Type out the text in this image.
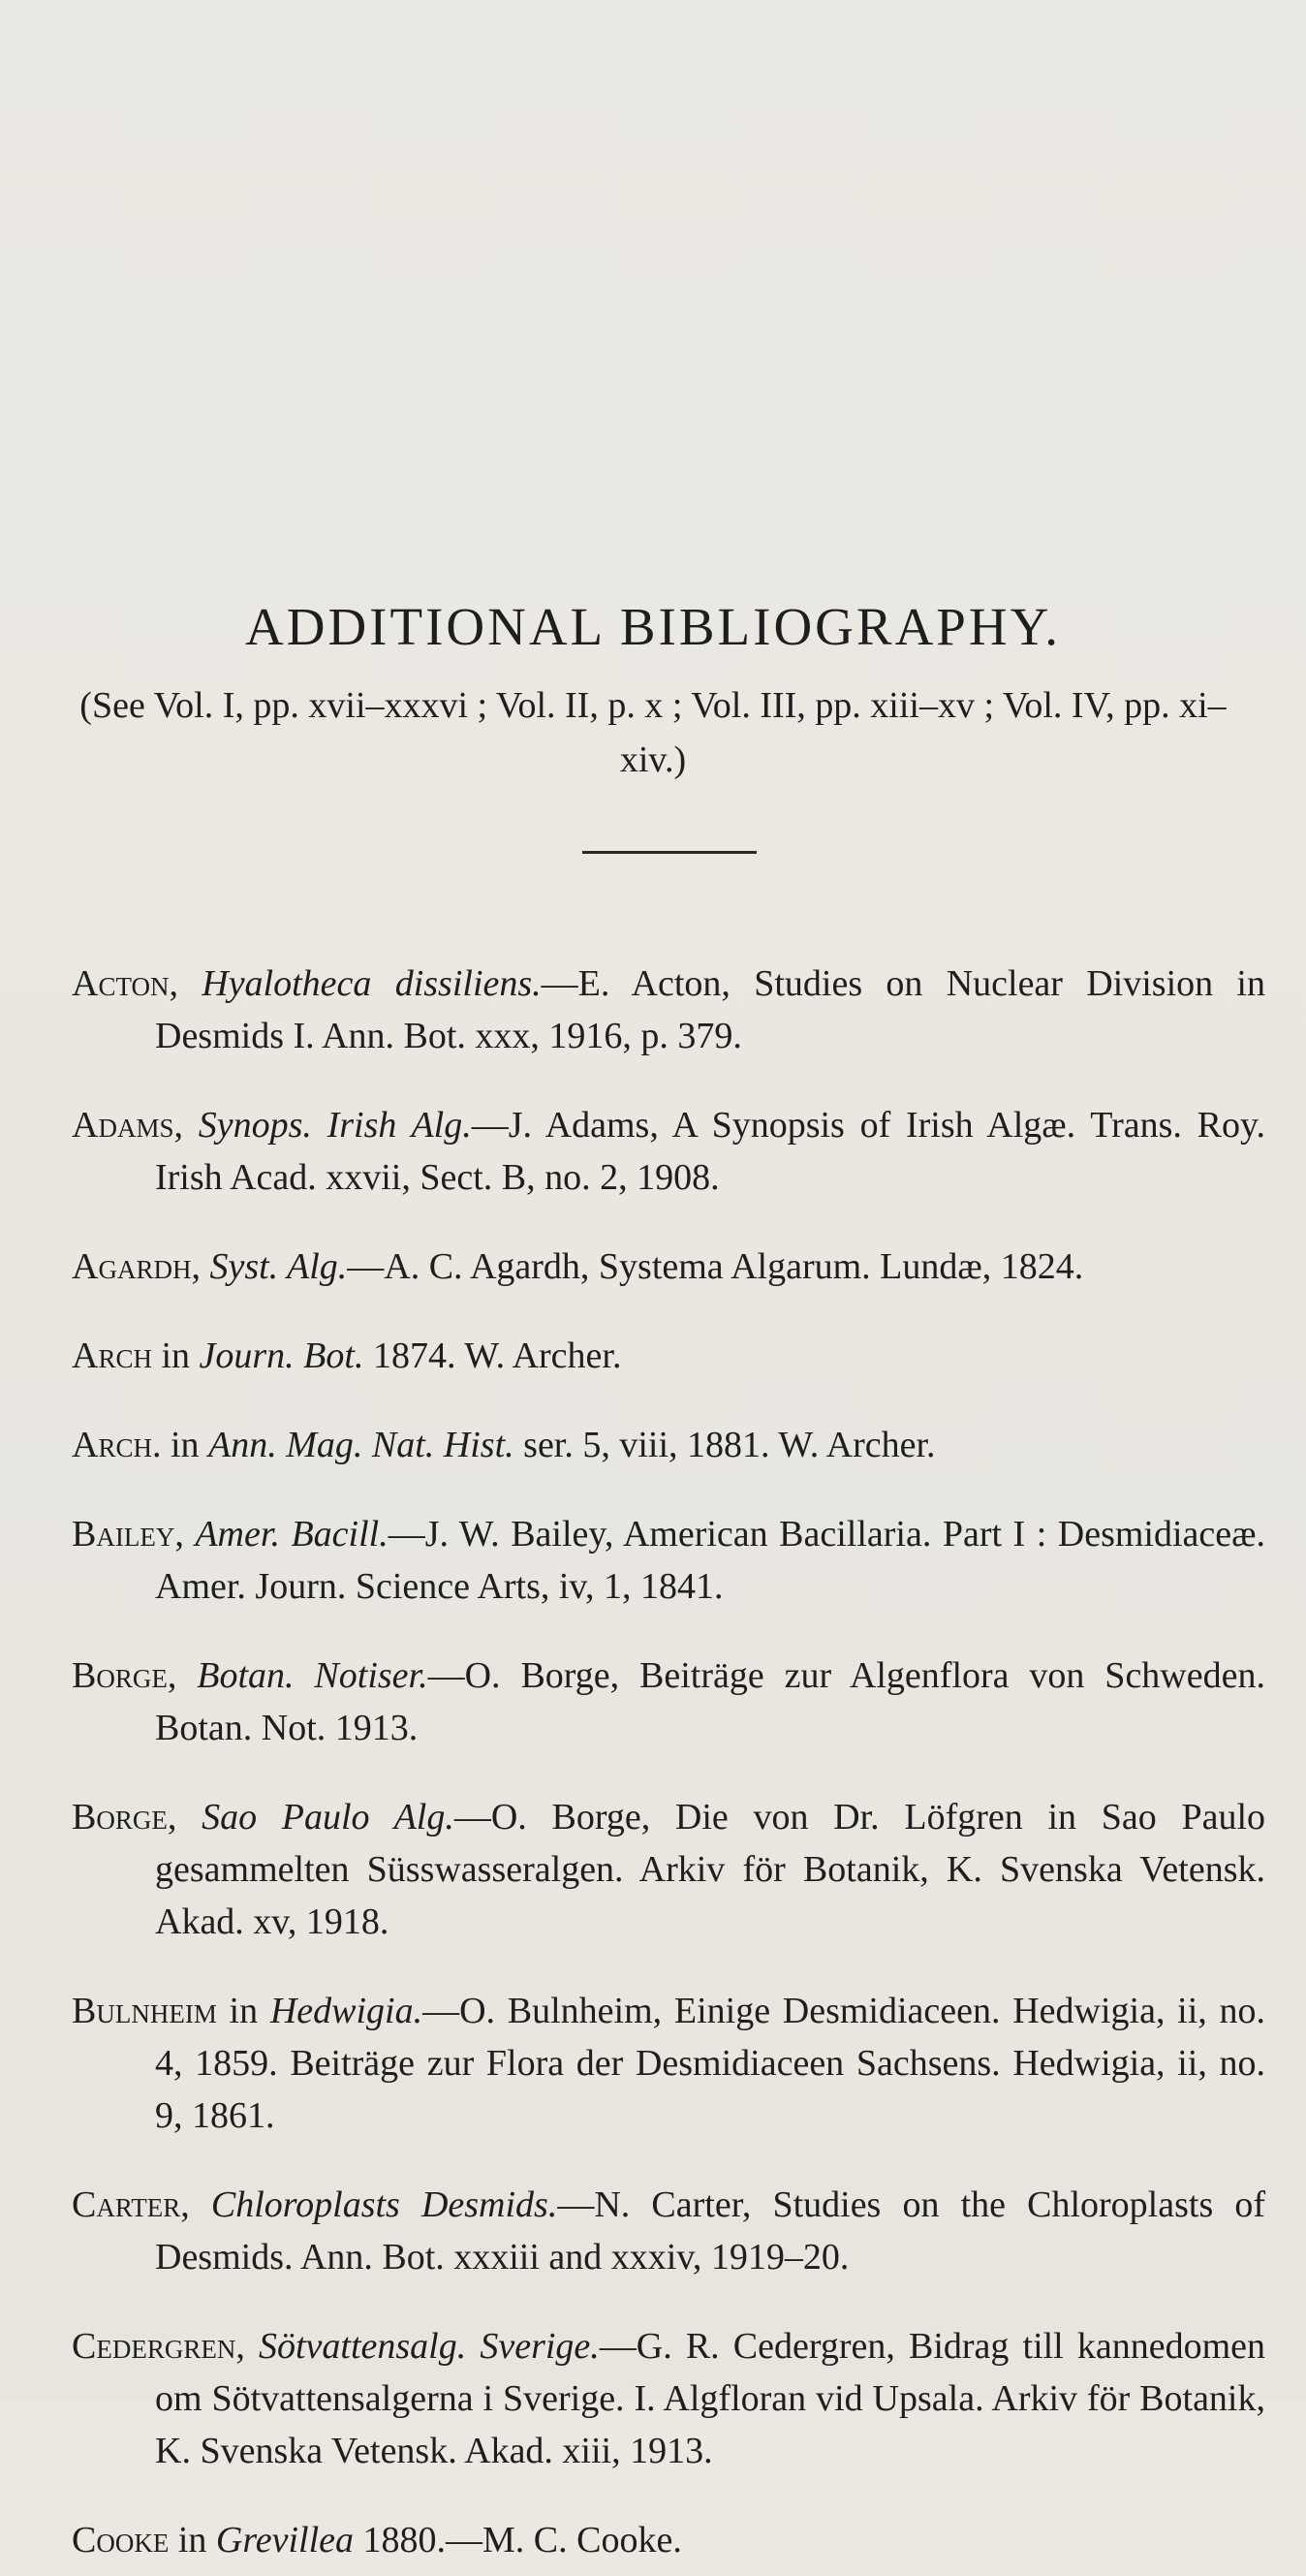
ADDITIONAL BIBLIOGRAPHY.
(See Vol. I, pp. xvii–xxxvi ; Vol. II, p. x ; Vol. III, pp. xiii–xv ; Vol. IV, pp. xi–xiv.)

Acton, Hyalotheca dissiliens.—E. Acton, Studies on Nuclear Division in Desmids I. Ann. Bot. xxx, 1916, p. 379.

Adams, Synops. Irish Alg.—J. Adams, A Synopsis of Irish Algæ. Trans. Roy. Irish Acad. xxvii, Sect. B, no. 2, 1908.

Agardh, Syst. Alg.—A. C. Agardh, Systema Algarum. Lundæ, 1824.

Arch in Journ. Bot. 1874. W. Archer.

Arch. in Ann. Mag. Nat. Hist. ser. 5, viii, 1881. W. Archer.

Bailey, Amer. Bacill.—J. W. Bailey, American Bacillaria. Part I : Desmidiaceæ. Amer. Journ. Science Arts, iv, 1, 1841.

Borge, Botan. Notiser.—O. Borge, Beiträge zur Algenflora von Schweden. Botan. Not. 1913.

Borge, Sao Paulo Alg.—O. Borge, Die von Dr. Löfgren in Sao Paulo gesammelten Süsswasseralgen. Arkiv för Botanik, K. Svenska Vetensk. Akad. xv, 1918.

Bulnheim in Hedwigia.—O. Bulnheim, Einige Desmidiaceen. Hedwigia, ii, no. 4, 1859. Beiträge zur Flora der Desmidiaceen Sachsens. Hedwigia, ii, no. 9, 1861.

Carter, Chloroplasts Desmids.—N. Carter, Studies on the Chloroplasts of Desmids. Ann. Bot. xxxiii and xxxiv, 1919–20.

Cedergren, Sötvattensalg. Sverige.—G. R. Cedergren, Bidrag till kannedomen om Sötvattensalgerna i Sverige. I. Algfloran vid Upsala. Arkiv för Botanik, K. Svenska Vetensk. Akad. xiii, 1913.

Cooke in Grevillea 1880.—M. C. Cooke.
